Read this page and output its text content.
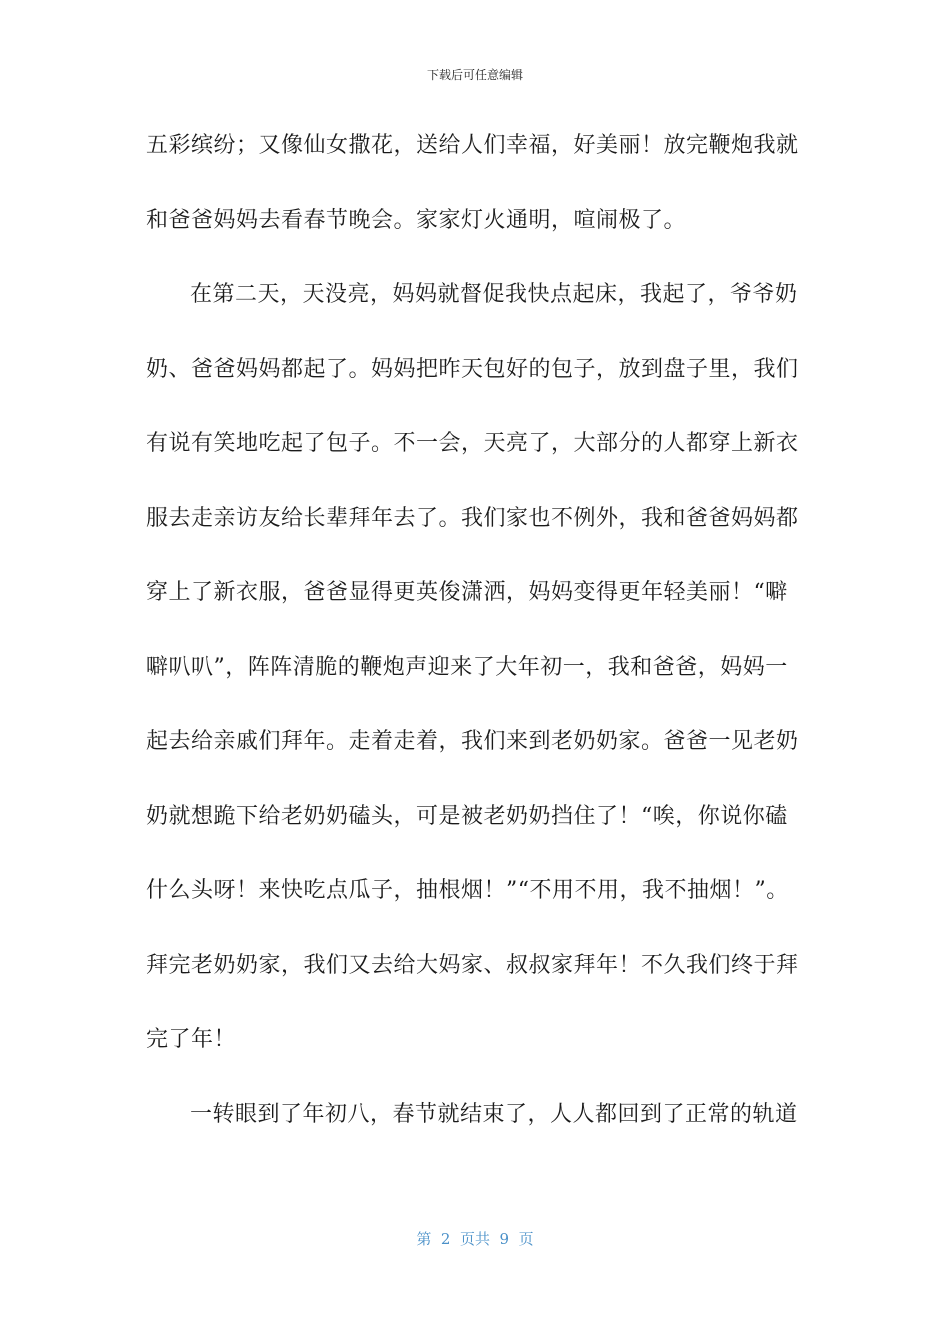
下载后可任意编辑
五彩缤纷；又像仙女撒花，送给人们幸福，好美丽！放完鞭炮我就
和爸爸妈妈去看春节晚会。家家灯火通明，喧闹极了。
在第二天，天没亮，妈妈就督促我快点起床，我起了，爷爷奶
奶、爸爸妈妈都起了。妈妈把昨天包好的包子，放到盘子里，我们
有说有笑地吃起了包子。不一会，天亮了，大部分的人都穿上新衣
服去走亲访友给长辈拜年去了。我们家也不例外，我和爸爸妈妈都
穿上了新衣服，爸爸显得更英俊潇洒，妈妈变得更年轻美丽！“噼
噼叭叭”，阵阵清脆的鞭炮声迎来了大年初一，我和爸爸，妈妈一
起去给亲戚们拜年。走着走着，我们来到老奶奶家。爸爸一见老奶
奶就想跪下给老奶奶磕头，可是被老奶奶挡住了！“唉，你说你磕
什么头呀！来快吃点瓜子，抽根烟！”“不用不用，我不抽烟！”。
拜完老奶奶家，我们又去给大妈家、叔叔家拜年！不久我们终于拜
完了年！
一转眼到了年初八，春节就结束了，人人都回到了正常的轨道
第  2  页共  9  页
